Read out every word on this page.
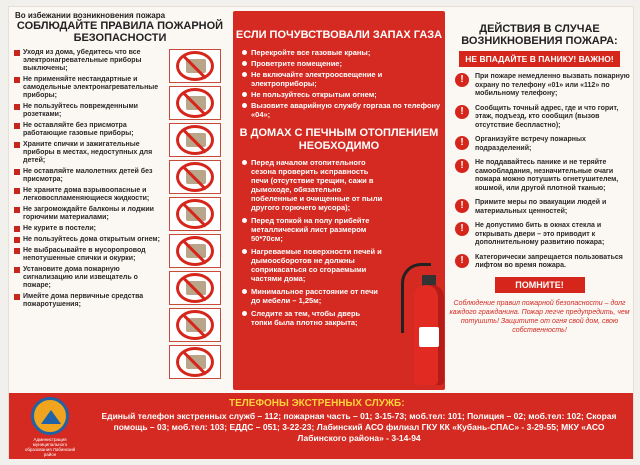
Во избежании возникновения пожара
СОБЛЮДАЙТЕ ПРАВИЛА ПОЖАРНОЙ БЕЗОПАСНОСТИ
Уходя из дома, убедитесь что все электронагревательные приборы выключены;
Не применяйте нестандартные и самодельные электронагревательные приборы;
Не пользуйтесь поврежденными розетками;
Не оставляйте без присмотра работающие газовые приборы;
Храните спички и зажигательные приборы в местах, недоступных для детей;
Не оставляйте малолетних детей без присмотра;
Не храните дома взрывоопасные и легковоспламеняющиеся жидкости;
Не загромождайте балконы и лоджии горючими материалами;
Не курите в постели;
Не пользуйтесь дома открытым огнем;
Не выбрасывайте в мусоропровод непотушенные спички и окурки;
Установите дома пожарную сигнализацию или извещатель о пожаре;
Имейте дома первичные средства пожаротушения;
ЕСЛИ ПОЧУВСТВОВАЛИ ЗАПАХ ГАЗА
Перекройте все газовые краны;
Проветрите помещение;
Не включайте электроосвещение и электроприборы;
Не пользуйтесь открытым огнем;
Вызовите аварийную службу горгаза по телефону «04»;
В ДОМАХ С ПЕЧНЫМ ОТОПЛЕНИЕМ НЕОБХОДИМО
Перед началом отопительного сезона проверить исправность печи (отсутствие трещин, сажи в дымоходе, обязательно побеленные и очищенные от пыли другого горючего мусора);
Перед топкой на полу прибейте металлический лист размером 50*70см;
Нагреваемые поверхности печей и дымоосборотов не должны соприкасаться со сгораемыми частями дома;
Минимальное расстояние от печи до мебели – 1,25м;
Следите за тем, чтобы дверь топки была плотно закрыта;
ДЕЙСТВИЯ В СЛУЧАЕ ВОЗНИКНОВЕНИЯ ПОЖАРА:
НЕ ВПАДАЙТЕ В ПАНИКУ! ВАЖНО!
!	При пожаре немедленно вызвать пожарную охрану по телефону «01» или «112» по мобильному телефону;
!	Сообщить точный адрес, где и что горит, этаж, подъезд, кто сообщил (вызов отсутствие беспластно);
!	Организуйте встречу пожарных подразделений;
!	Не поддавайтесь панике и не теряйте самообладания, незначительные очаги пожара можно потушить огнетушителем, кошмой, или другой плотной тканью;
!	Примите меры по эвакуации людей и материальных ценностей;
!	Не допустимо бить в окнах стекла и открывать двери – это приводит к дополнительному развитию пожара;
!	Категорически запрещается пользоваться лифтом во время пожара.
ПОМНИТЕ!
Соблюдение правил пожарной безопасности – долг каждого гражданина. Пожар легче предупредить, чем потушить! Защитите от огня свой дом, свою собственность!
Администрация муниципального образования Лабинский район
ТЕЛЕФОНЫ ЭКСТРЕННЫХ СЛУЖБ:
Единый телефон экстренных служб – 112; пожарная часть – 01; 3-15-73; моб.тел: 101; Полиция – 02; моб.тел: 102; Скорая помощь – 03; моб.тел: 103; ЕДДС – 051; 3-22-23; Лабинский АСО филиал ГКУ КК «Кубань-СПАС» - 3-29-55; МКУ «АСО Лабинского района» - 3-14-94
